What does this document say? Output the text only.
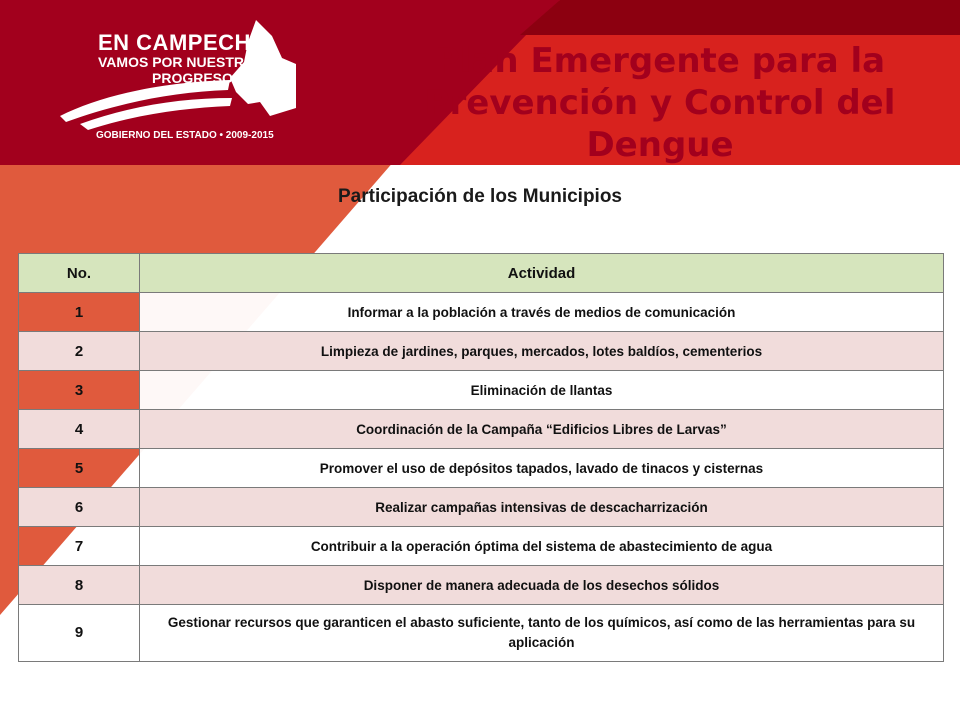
EN CAMPECHE
VAMOS POR NUESTRO
PROGRESO
GOBIERNO DEL ESTADO • 2009-2015
Plan Emergente para la Prevención y Control del Dengue
Participación de los Municipios
No.	Actividad
1	Informar a la población a través de medios de comunicación
2	Limpieza de jardines, parques, mercados, lotes baldíos, cementerios
3	Eliminación de llantas
4	Coordinación de la Campaña “Edificios Libres de Larvas”
5	Promover el uso de depósitos tapados, lavado de tinacos y cisternas
6	Realizar campañas intensivas de descacharrización
7	Contribuir a la operación óptima del sistema de abastecimiento de agua
8	Disponer de manera adecuada de los desechos sólidos
9	Gestionar recursos que garanticen el abasto suficiente, tanto de los químicos, así como de las herramientas para su aplicación
